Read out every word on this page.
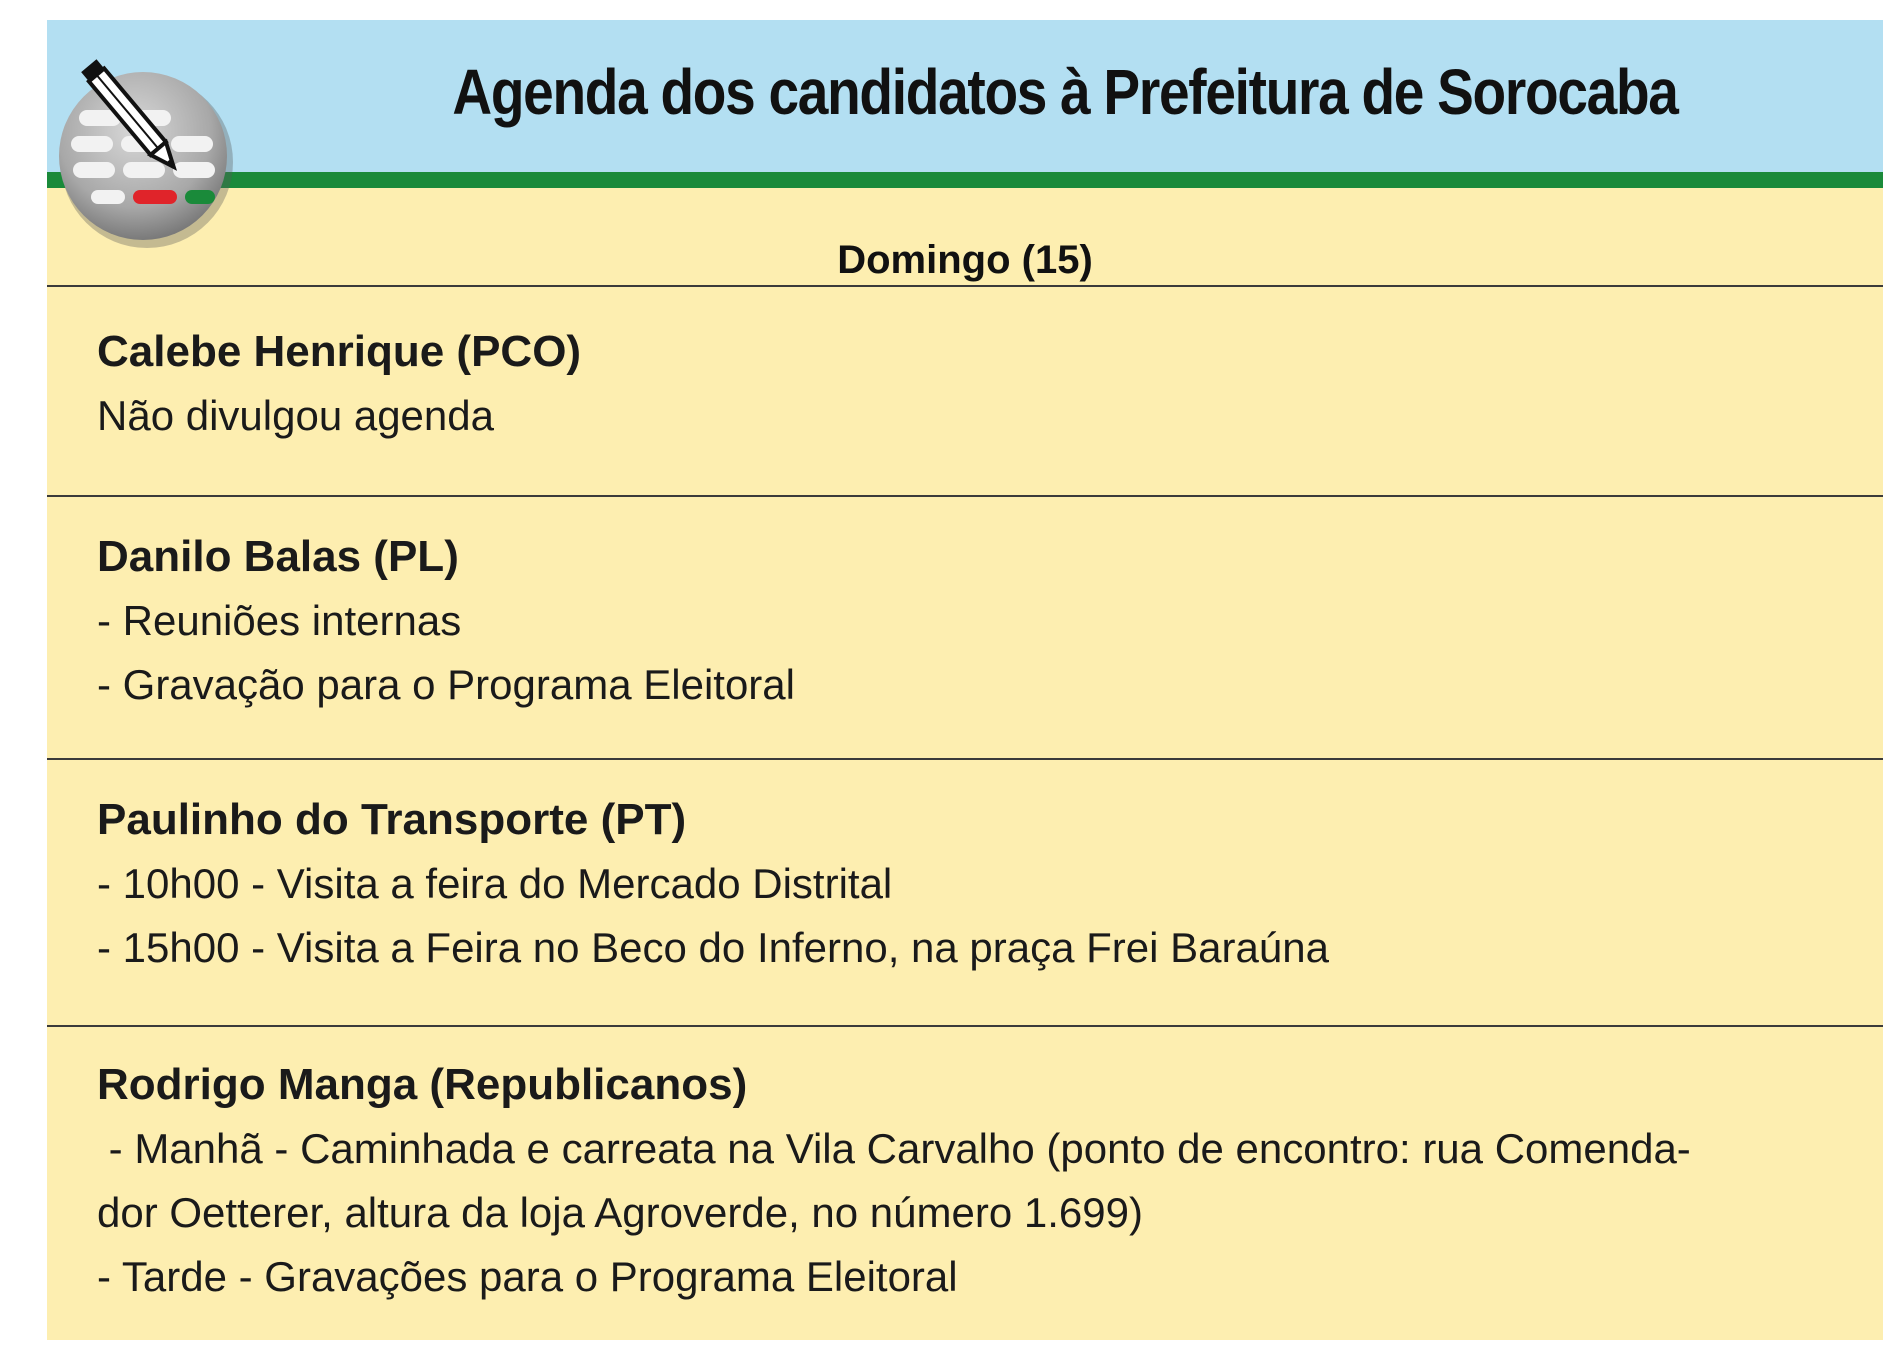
Agenda dos candidatos à Prefeitura de Sorocaba
Domingo (15)

Calebe Henrique (PCO)

Não divulgou agenda

Danilo Balas (PL)

- Reuniões internas

- Gravação para o Programa Eleitoral

Paulinho do Transporte (PT)

- 10h00 - Visita a feira do Mercado Distrital

- 15h00 - Visita a Feira no Beco do Inferno, na praça Frei Baraúna

Rodrigo Manga (Republicanos)

- Manhã - Caminhada e carreata na Vila Carvalho (ponto de encontro: rua Comenda-

dor Oetterer, altura da loja Agroverde, no número 1.699)

- Tarde - Gravações para o Programa Eleitoral
